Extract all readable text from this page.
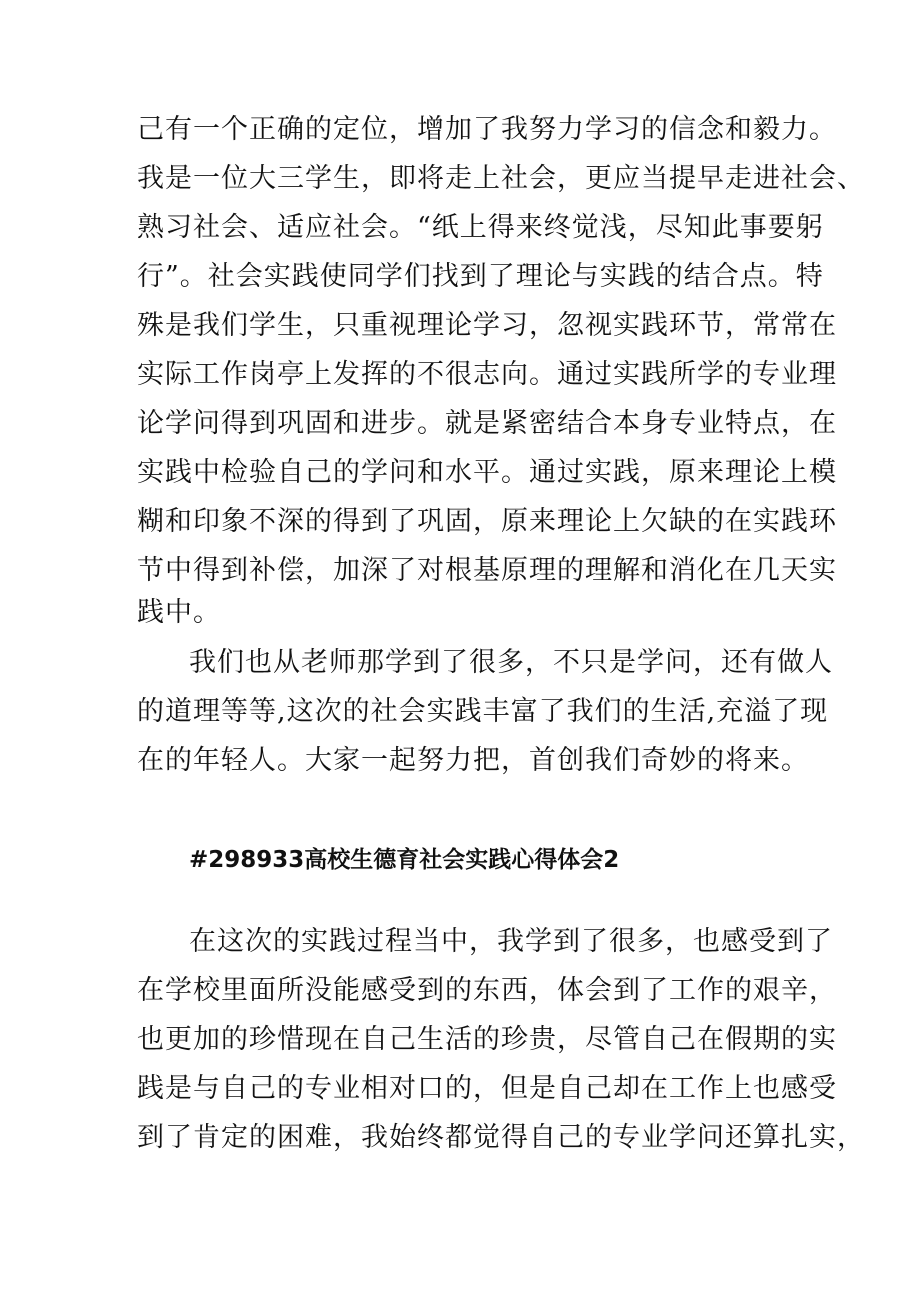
己有一个正确的定位，增加了我努力学习的信念和毅力。
我是一位大三学生，即将走上社会，更应当提早走进社会、
熟习社会、适应社会。“纸上得来终觉浅，尽知此事要躬
行”。社会实践使同学们找到了理论与实践的结合点。特
殊是我们学生，只重视理论学习，忽视实践环节，常常在
实际工作岗亭上发挥的不很志向。通过实践所学的专业理
论学问得到巩固和进步。就是紧密结合本身专业特点，在
实践中检验自己的学问和水平。通过实践，原来理论上模
糊和印象不深的得到了巩固，原来理论上欠缺的在实践环
节中得到补偿，加深了对根基原理的理解和消化在几天实
践中。
我们也从老师那学到了很多，不只是学问，还有做人
的道理等等,这次的社会实践丰富了我们的生活,充溢了现
在的年轻人。大家一起努力把，首创我们奇妙的将来。
#298933高校生德育社会实践心得体会2
在这次的实践过程当中，我学到了很多，也感受到了
在学校里面所没能感受到的东西，体会到了工作的艰辛，
也更加的珍惜现在自己生活的珍贵，尽管自己在假期的实
践是与自己的专业相对口的，但是自己却在工作上也感受
到了肯定的困难，我始终都觉得自己的专业学问还算扎实，
